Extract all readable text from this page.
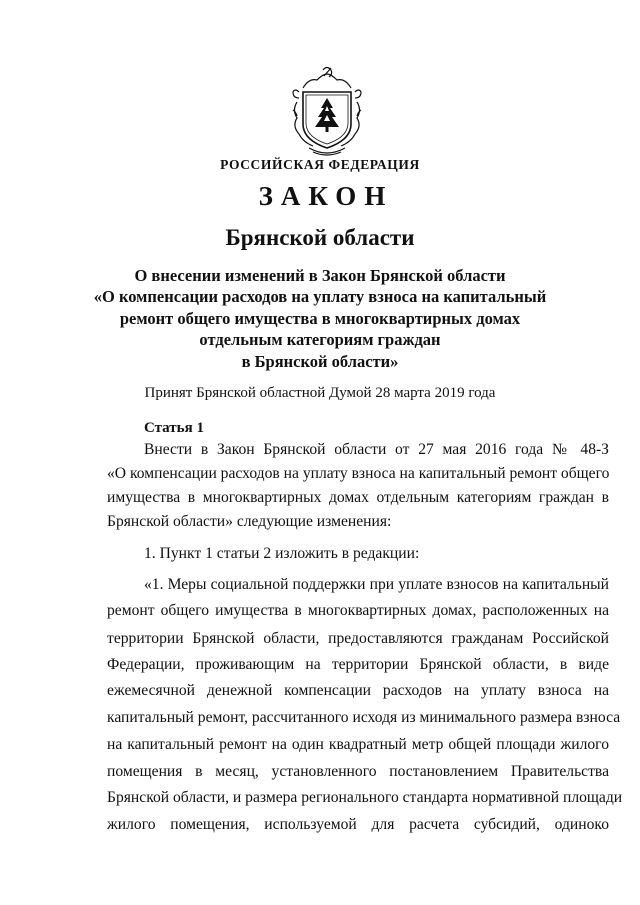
РОССИЙСКАЯ ФЕДЕРАЦИЯ
ЗАКОН
Брянской области
О внесении изменений в Закон Брянской области
«О компенсации расходов на уплату взноса на капитальный
ремонт общего имущества в многоквартирных домах
отдельным категориям граждан
в Брянской области»
Принят Брянской областной Думой 28 марта 2019 года
Статья 1
Внести в Закон Брянской области от 27 мая 2016 года № 48-З
«О компенсации расходов на уплату взноса на капитальный ремонт общего
имущества в многоквартирных домах отдельным категориям граждан в
Брянской области» следующие изменения:
1. Пункт 1 статьи 2 изложить в редакции:
«1. Меры социальной поддержки при уплате взносов на капитальный
ремонт общего имущества в многоквартирных домах, расположенных на
территории Брянской области, предоставляются гражданам Российской
Федерации, проживающим на территории Брянской области, в виде
ежемесячной денежной компенсации расходов на уплату взноса на
капитальный ремонт, рассчитанного исходя из минимального размера взноса
на капитальный ремонт на один квадратный метр общей площади жилого
помещения в месяц, установленного постановлением Правительства
Брянской области, и размера регионального стандарта нормативной площади
жилого помещения, используемой для расчета субсидий, одиноко
